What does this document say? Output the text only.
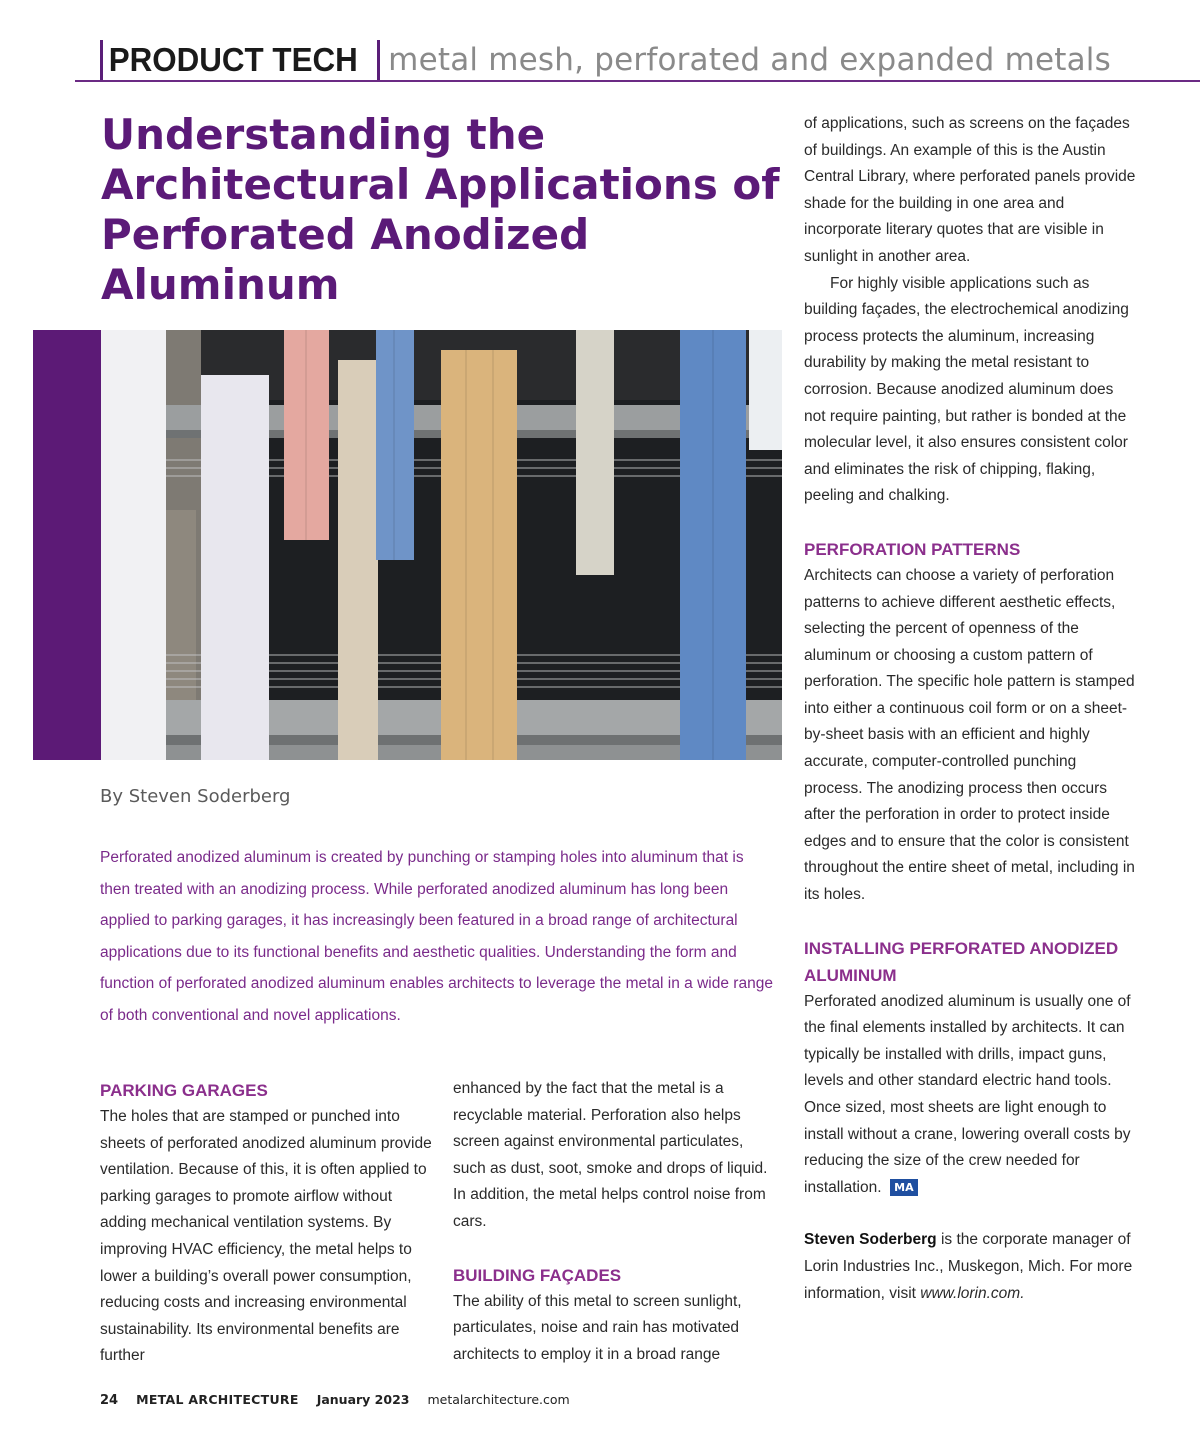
PRODUCT TECH metal mesh, perforated and expanded metals
Understanding the Architectural Applications of Perforated Anodized Aluminum
By Steven Soderberg

Perforated anodized aluminum is created by punching or stamping holes into aluminum that is then treated with an anodizing process. While perforated anodized aluminum has long been applied to parking garages, it has increasingly been featured in a broad range of architectural applications due to its functional benefits and aesthetic qualities. Understanding the form and function of perforated anodized aluminum enables architects to leverage the metal in a wide range of both conventional and novel applications.

PARKING GARAGES

The holes that are stamped or punched into sheets of perforated anodized aluminum provide ventilation. Because of this, it is often applied to parking garages to promote airflow without adding mechanical ventilation systems. By improving HVAC efficiency, the metal helps to lower a building’s overall power consumption, reducing costs and increasing environmental sustainability. Its environmental benefits are further

enhanced by the fact that the metal is a recyclable material. Perforation also helps screen against environmental particulates, such as dust, soot, smoke and drops of liquid. In addition, the metal helps control noise from cars.

BUILDING FAÇADES

The ability of this metal to screen sunlight, particulates, noise and rain has motivated architects to employ it in a broad range

of applications, such as screens on the façades of buildings. An example of this is the Austin Central Library, where perforated panels provide shade for the building in one area and incorporate literary quotes that are visible in sunlight in another area.

For highly visible applications such as building façades, the electrochemical anodizing process protects the aluminum, increasing durability by making the metal resistant to corrosion. Because anodized aluminum does not require painting, but rather is bonded at the molecular level, it also ensures consistent color and eliminates the risk of chipping, flaking, peeling and chalking.

PERFORATION PATTERNS

Architects can choose a variety of perforation patterns to achieve different aesthetic effects, selecting the percent of openness of the aluminum or choosing a custom pattern of perforation. The specific hole pattern is stamped into either a continuous coil form or on a sheet-by-sheet basis with an efficient and highly accurate, computer-controlled punching process. The anodizing process then occurs after the perforation in order to protect inside edges and to ensure that the color is consistent throughout the entire sheet of metal, including in its holes.

INSTALLING PERFORATED ANODIZED ALUMINUM

Perforated anodized aluminum is usually one of the final elements installed by architects. It can typically be installed with drills, impact guns, levels and other standard electric hand tools. Once sized, most sheets are light enough to install without a crane, lowering overall costs by reducing the size of the crew needed for installation. MA

Steven Soderberg is the corporate manager of Lorin Industries Inc., Muskegon, Mich. For more information, visit www.lorin.com.

24 METAL ARCHITECTURE January 2023 metalarchitecture.com
